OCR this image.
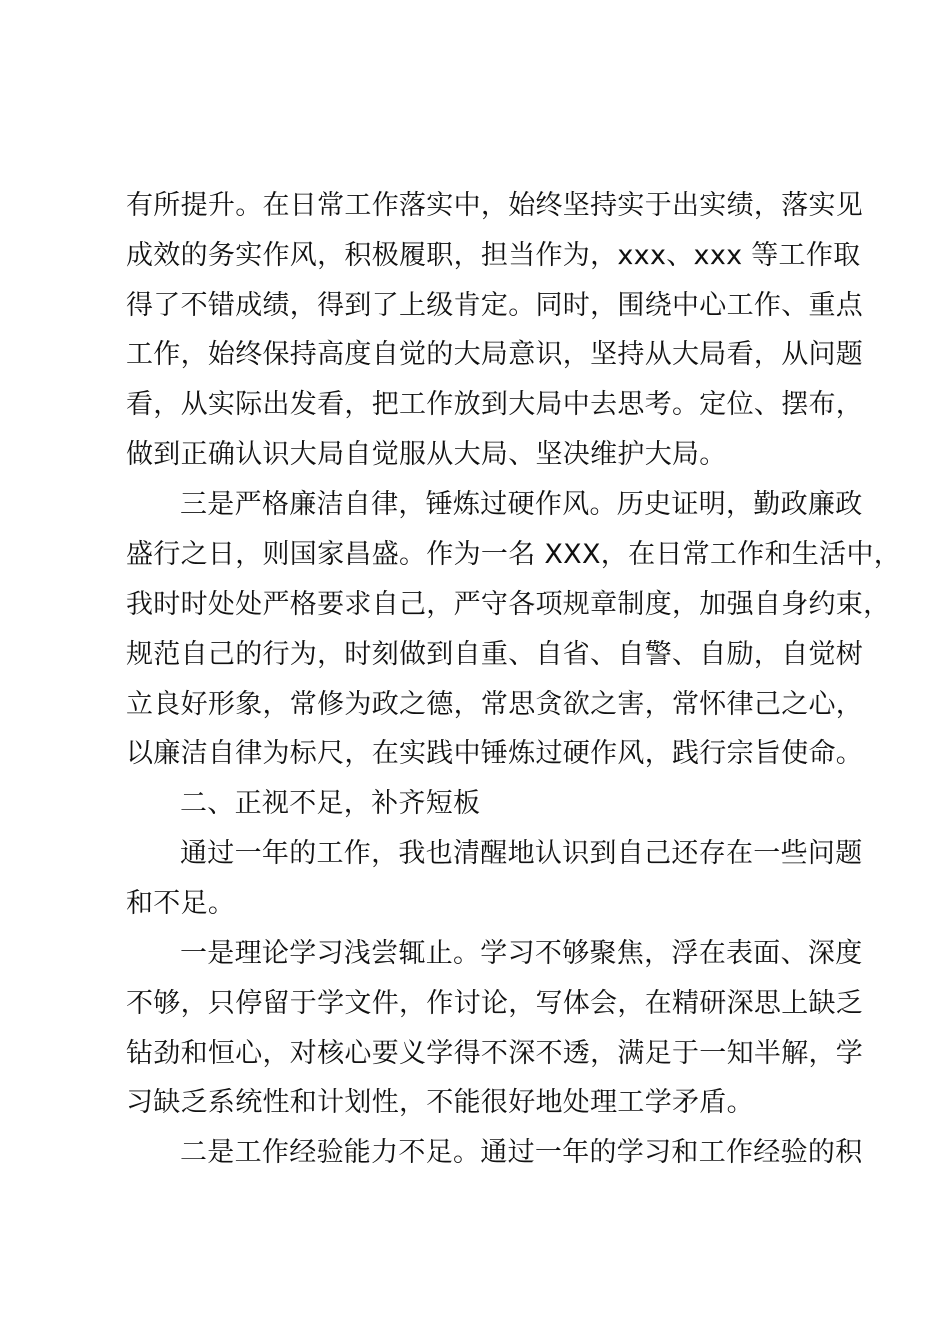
有所提升。在日常工作落实中，始终坚持实于出实绩，落实见

成效的务实作风，积极履职，担当作为，xxx、xxx 等工作取

得了不错成绩，得到了上级肯定。同时，围绕中心工作、重点

工作，始终保持高度自觉的大局意识，坚持从大局看，从问题

看，从实际出发看，把工作放到大局中去思考。定位、摆布，

做到正确认识大局自觉服从大局、坚决维护大局。

三是严格廉洁自律，锤炼过硬作风。历史证明，勤政廉政

盛行之日，则国家昌盛。作为一名 XXX，在日常工作和生活中，

我时时处处严格要求自己，严守各项规章制度，加强自身约束，

规范自己的行为，时刻做到自重、自省、自警、自励，自觉树

立良好形象，常修为政之德，常思贪欲之害，常怀律己之心，

以廉洁自律为标尺，在实践中锤炼过硬作风，践行宗旨使命。

二、正视不足，补齐短板

通过一年的工作，我也清醒地认识到自己还存在一些问题

和不足。

一是理论学习浅尝辄止。学习不够聚焦，浮在表面、深度

不够，只停留于学文件，作讨论，写体会，在精研深思上缺乏

钻劲和恒心，对核心要义学得不深不透，满足于一知半解，学

习缺乏系统性和计划性，不能很好地处理工学矛盾。

二是工作经验能力不足。通过一年的学习和工作经验的积
